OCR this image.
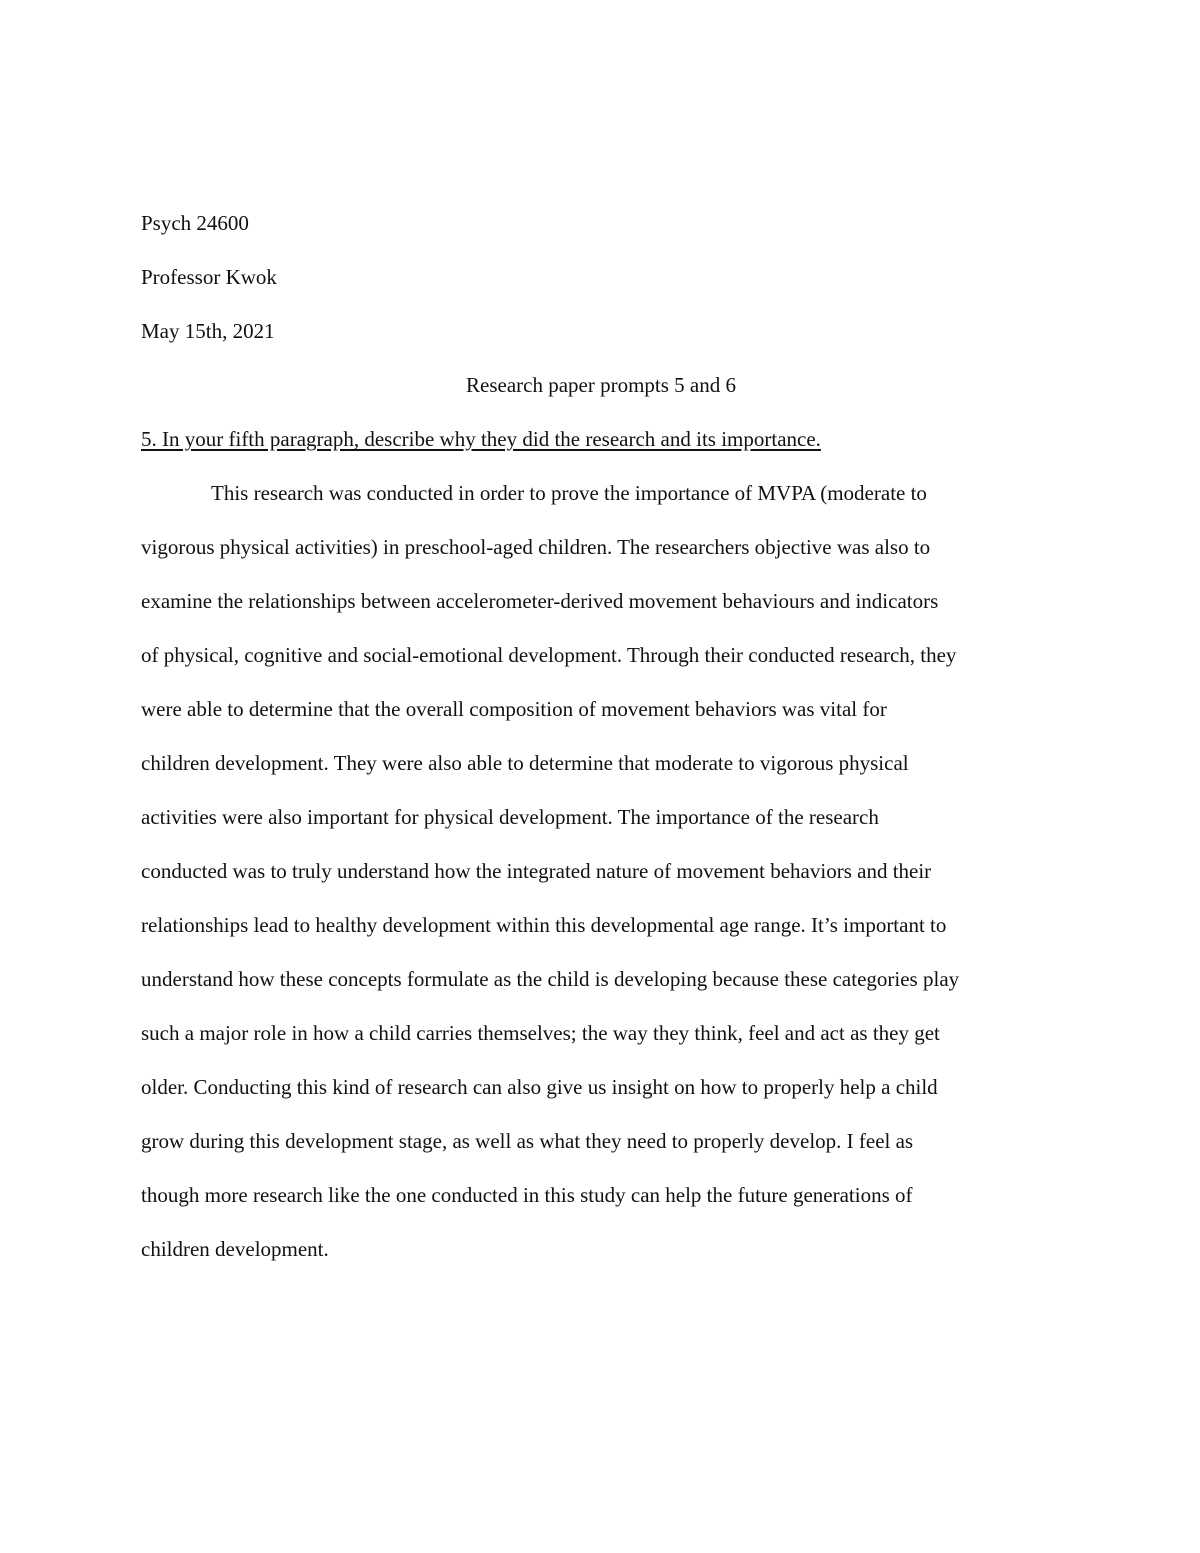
Psych 24600
Professor Kwok
May 15th, 2021
Research paper prompts 5 and 6
5. In your fifth paragraph, describe why they did the research and its importance.
This research was conducted in order to prove the importance of MVPA (moderate to
vigorous physical activities) in preschool-aged children. The researchers objective was also to
examine the relationships between accelerometer-derived movement behaviours and indicators
of physical, cognitive and social-emotional development. Through their conducted research, they
were able to determine that the overall composition of movement behaviors was vital for
children development. They were also able to determine that moderate to vigorous physical
activities were also important for physical development. The importance of the research
conducted was to truly understand how the integrated nature of movement behaviors and their
relationships lead to healthy development within this developmental age range. It’s important to
understand how these concepts formulate as the child is developing because these categories play
such a major role in how a child carries themselves; the way they think, feel and act as they get
older. Conducting this kind of research can also give us insight on how to properly help a child
grow during this development stage, as well as what they need to properly develop. I feel as
though more research like the one conducted in this study can help the future generations of
children development.
